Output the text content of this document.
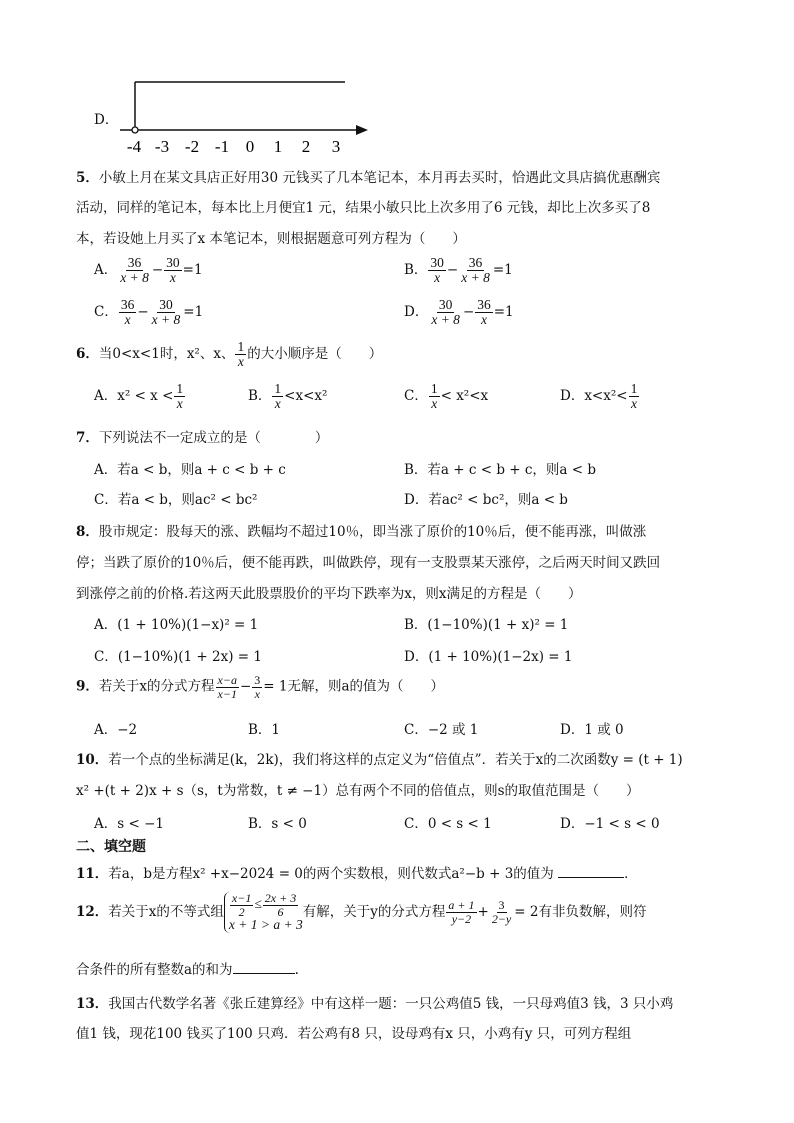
D．
-4 -3 -2 -1 0 1 2 3
5．小敏上月在某文具店正好用30 元钱买了几本笔记本，本月再去买时，恰遇此文具店搞优惠酬宾
活动，同样的笔记本，每本比上月便宜1 元，结果小敏只比上次多用了6 元钱，却比上次多买了8
本，若设她上月买了x 本笔记本，则根据题意可列方程为（　　）
A． $\frac{36}{x + 8} - \frac{30}{x} =1$	B． $\frac{30}{x} - \frac{36}{x + 8} =1$
C． $\frac{36}{x} - \frac{30}{x + 8} =1$	D． $\frac{30}{x + 8} - \frac{36}{x} =1$
6．当0<x<1时，x²、x、 $\frac{1}{x}$ 的大小顺序是（　　）
A．$x^2 < x < \frac{1}{x}$	B． $\frac{1}{x} <x<x^2$	C． $\frac{1}{x} < x^2<x$	D．$x<x^2< \frac{1}{x}$
7．下列说法不一定成立的是（　　　　）
A．若a < b，则a + c < b + c	B．若a + c < b + c，则a < b
C．若a < b，则ac² < bc²	D．若ac² < bc²，则a < b
8．股市规定：股每天的涨、跌幅均不超过10％，即当涨了原价的10％后，便不能再涨，叫做涨
停；当跌了原价的10％后，便不能再跌，叫做跌停，现有一支股票某天涨停，之后两天时间又跌回
到涨停之前的价格.若这两天此股票股价的平均下跌率为x，则x满足的方程是（　　）
A．(1 + 10%)(1−x)² = 1	B．(1−10%)(1 + x)² = 1
C．(1−10%)(1 + 2x) = 1	D．(1 + 10%)(1−2x) = 1
9．若关于x的分式方程 $\frac{x-a}{x-1} - \frac{3}{x} = 1$无解，则a的值为（　　）
A．−2	B．1	C．−2 或 1	D．1 或 0
10．若一个点的坐标满足(k，2k)，我们将这样的点定义为“倍值点”．若关于x的二次函数y = (t + 1)
x² +(t + 2)x + s（s，t为常数，t ≠ −1）总有两个不同的倍值点，则s的取值范围是（　　）
A．s < −1	B．s < 0	C．0 < s < 1	D．−1 < s < 0
二、填空题
11．若a，b是方程x² +x−2024 = 0的两个实数根，则代数式a²−b + 3的值为	．
12．若关于x的不等式组 $\frac{x-1}{2} \le \frac{2x + 3}{6}$
x + 1 > a + 3
有解，关于y的分式方程 $\frac{a + 1}{y-2} + \frac{3}{2-y} = 2$有非负数解，则符
合条件的所有整数a的和为	.
13．我国古代数学名著《张丘建算经》中有这样一题：一只公鸡值5 钱，一只母鸡值3 钱，3 只小鸡
值1 钱，现花100 钱买了100 只鸡．若公鸡有8 只，设母鸡有x 只，小鸡有y 只，可列方程组
